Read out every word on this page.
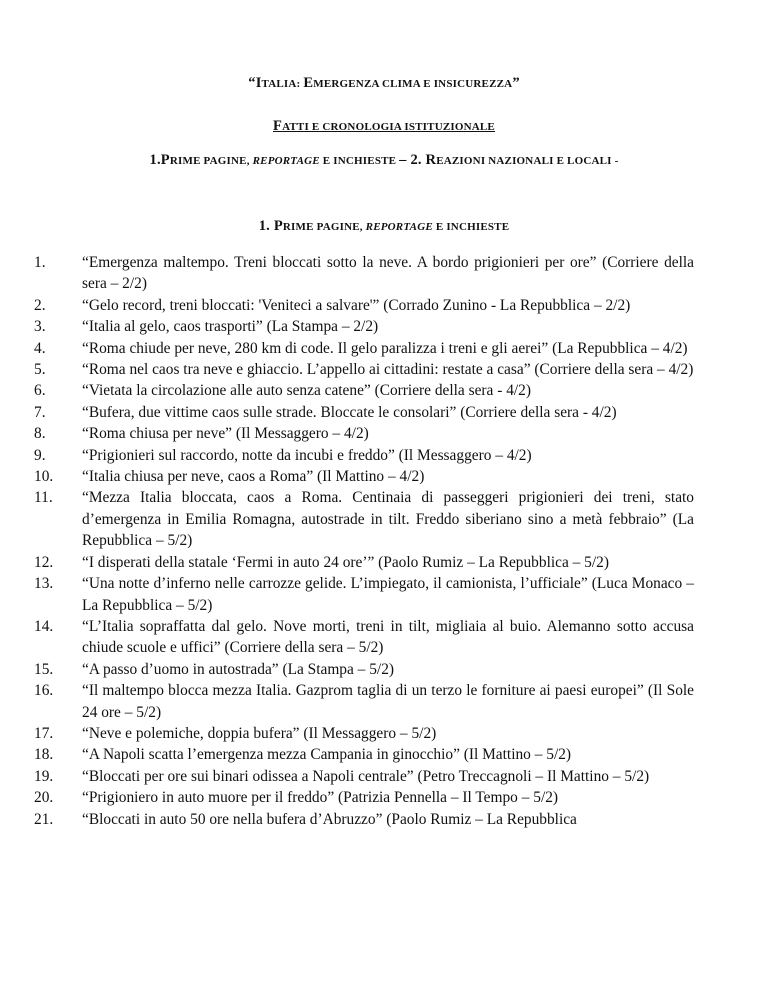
“ITALIA: EMERGENZA CLIMA E INSICUREZZA”
FATTI E CRONOLOGIA ISTITUZIONALE
1.PRIME PAGINE, REPORTAGE E INCHIESTE – 2. REAZIONI NAZIONALI E LOCALI -
1. PRIME PAGINE, REPORTAGE E INCHIESTE
1.	“Emergenza maltempo. Treni bloccati sotto la neve. A bordo prigionieri per ore” (Corriere della sera – 2/2)
2.	“Gelo record, treni bloccati: 'Veniteci a salvare'” (Corrado Zunino - La Repubblica – 2/2)
3.	“Italia al gelo, caos trasporti” (La Stampa – 2/2)
4.	“Roma chiude per neve, 280 km di code. Il gelo paralizza i treni e gli aerei” (La Repubblica – 4/2)
5.	“Roma nel caos tra neve e ghiaccio. L’appello ai cittadini: restate a casa” (Corriere della sera – 4/2)
6.	“Vietata la circolazione alle auto senza catene” (Corriere della sera - 4/2)
7.	“Bufera, due vittime caos sulle strade. Bloccate le consolari” (Corriere della sera - 4/2)
8.	“Roma chiusa per neve” (Il Messaggero – 4/2)
9.	“Prigionieri sul raccordo, notte da incubi e freddo” (Il Messaggero – 4/2)
10.	“Italia chiusa per neve, caos a Roma” (Il Mattino – 4/2)
11.	“Mezza Italia bloccata, caos a Roma. Centinaia di passeggeri prigionieri dei treni, stato d’emergenza in Emilia Romagna, autostrade in tilt. Freddo siberiano sino a metà febbraio” (La Repubblica – 5/2)
12.	“I disperati della statale ‘Fermi in auto 24 ore’” (Paolo Rumiz – La Repubblica – 5/2)
13.	“Una notte d’inferno nelle carrozze gelide. L’impiegato, il camionista, l’ufficiale” (Luca Monaco – La Repubblica – 5/2)
14.	“L’Italia sopraffatta dal gelo. Nove morti, treni in tilt, migliaia al buio. Alemanno sotto accusa chiude scuole e uffici” (Corriere della sera – 5/2)
15.	“A passo d’uomo in autostrada” (La Stampa – 5/2)
16.	“Il maltempo blocca mezza Italia. Gazprom taglia di un terzo le forniture ai paesi europei” (Il Sole 24 ore – 5/2)
17.	“Neve e polemiche, doppia bufera” (Il Messaggero – 5/2)
18.	“A Napoli scatta l’emergenza mezza Campania in ginocchio” (Il Mattino – 5/2)
19.	“Bloccati per ore sui binari odissea a Napoli centrale” (Petro Treccagnoli – Il Mattino – 5/2)
20.	“Prigioniero in auto muore per il freddo” (Patrizia Pennella – Il Tempo – 5/2)
21.	“Bloccati in auto 50 ore nella bufera d’Abruzzo” (Paolo Rumiz – La Repubblica
